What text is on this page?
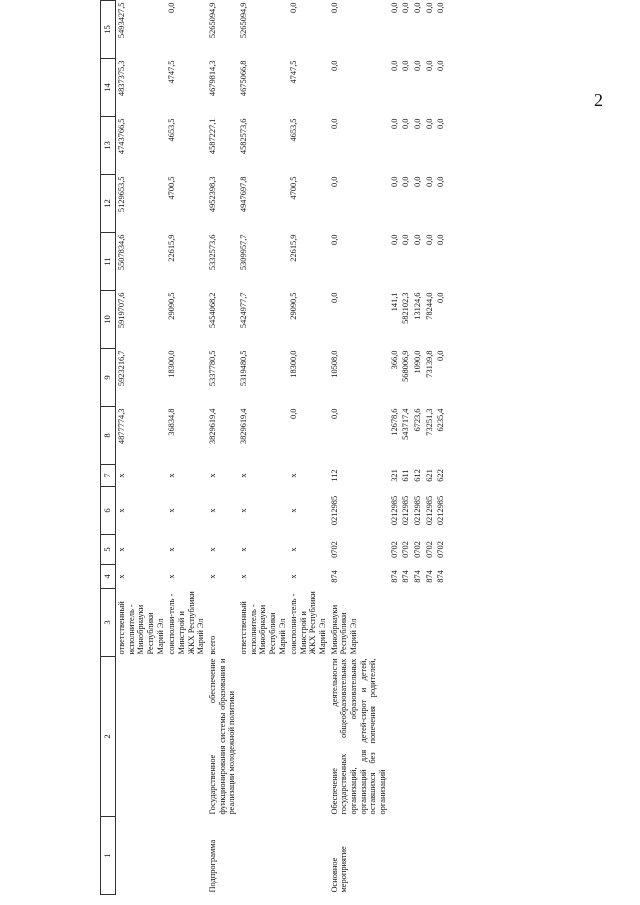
2
1	2	3	4	5	6	7	8	9	10	11	12	13	14	15
		ответственный исполнитель - Минобрнауки Республики Марий Эл	x	x	x	x	4877774,3	5923216,7	5919707,6	5507834,6	5129653,5	4743766,5	4837375,3	5493427,5
		соисполни-тель - Минстрой и ЖКХ Республики Марий Эл	x	x	x	x	36834,8	18300,0	29090,5	22615,9	4700,5	4653,5	4747,5	0,0
Подпрограмма	Государственное обеспечение функционирования системы образования и реализации молодежной политики	всего	x	x	x	x	3829619,4	5337780,5	5454068,2	5332573,6	4952398,3	4587227,1	4679814,3	5265094,9
		ответственный исполнитель - Минобрнауки Республики Марий Эл	x	x	x	x	3829619,4	5319480,5	5424977,7	5309957,7	4947697,8	4582573,6	4675066,8	5265094,9
		соисполни-тель - Минстрой и ЖКХ Республики Марий Эл	x	x	x	x	0,0	18300,0	29090,5	22615,9	4700,5	4653,5	4747,5	0,0
Основное мероприятие	Обеспечение деятельности государственных общеобразовательных организаций, образовательных организаций для детей-сирот и детей, оставшихся без попечения родителей, организаций	Минобрнауки Республики Марий Эл	874	0702	0212985	112	0,0	10508,0	0,0	0,0	0,0	0,0	0,0	0,0
			874	0702	0212985	321	12678,6	366,0	141,1	0,0	0,0	0,0	0,0	0,0
			874	0702	0212985	611	543717,4	568006,9	582102,3	0,0	0,0	0,0	0,0	0,0
			874	0702	0212985	612	6723,6	1090,0	13124,6	0,0	0,0	0,0	0,0	0,0
			874	0702	0212985	621	73251,3	73139,8	78244,0	0,0	0,0	0,0	0,0	0,0
			874	0702	0212985	622	6235,4	0,0	0,0	0,0	0,0	0,0	0,0	0,0
